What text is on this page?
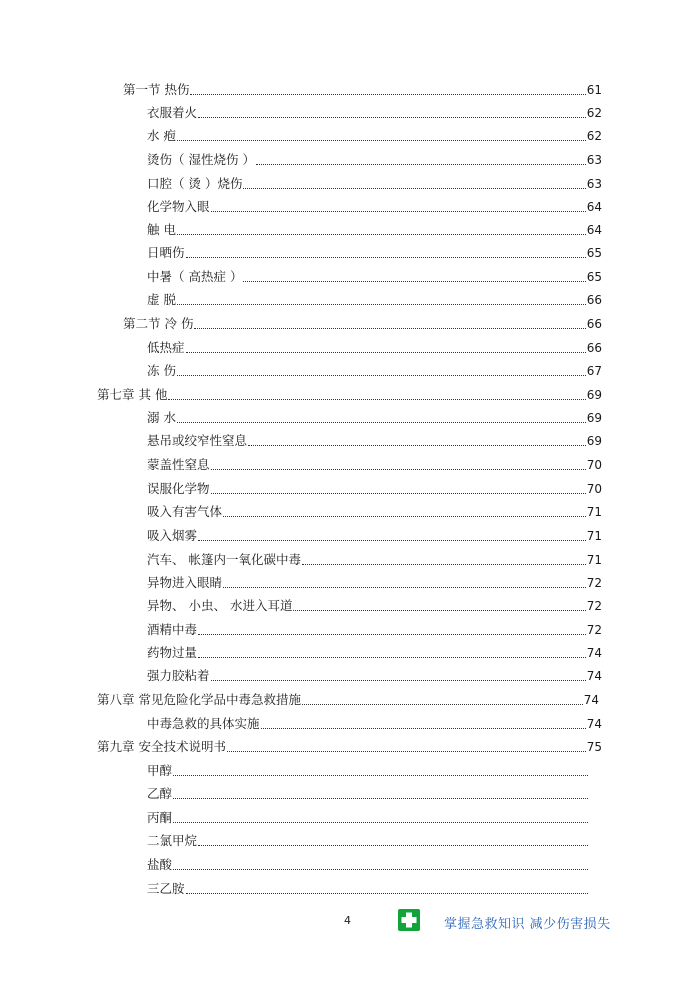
第一节 热伤	61
衣服着火	62
水 疱	62
烫伤（ 湿性烧伤 ）	63
口腔（ 烫 ）烧伤	63
化学物入眼	64
触 电	64
日晒伤	65
中暑（ 高热症 ）	65
虚 脱	66
第二节 冷 伤	66
低热症	66
冻 伤	67
第七章 其 他	69
溺 水	69
悬吊或绞窄性窒息	69
蒙盖性窒息	70
误服化学物	70
吸入有害气体	71
吸入烟雾	71
汽车、 帐篷内一氧化碳中毒	71
异物进入眼睛	72
异物、 小虫、 水进入耳道	72
酒精中毒	72
药物过量	74
强力胶粘着	74
第八章 常见危险化学品中毒急救措施	74
中毒急救的具体实施	74
第九章 安全技术说明书	75
甲醇
乙醇
丙酮
二氯甲烷
盐酸
三乙胺
4	掌握急救知识 减少伤害损失
